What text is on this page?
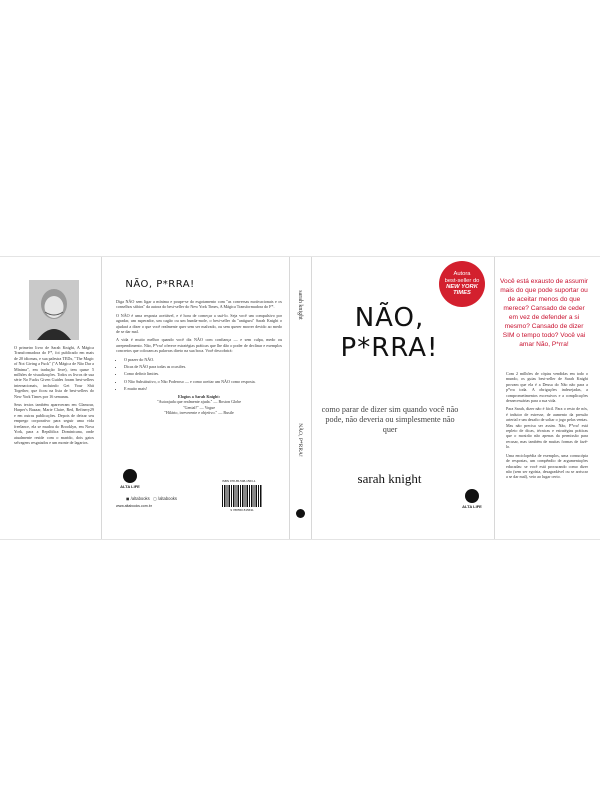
O primeiro livro de Sarah Knight, A Mágica Transformadora do F*, foi publicado em mais de 20 idiomas, e sua palestra TEDx, "The Magic of Not Giving a Fuck" ("A Mágica de Não Dar a Mínima", em tradução livre), tem quase 5 milhões de visualizações. Todos os livros de sua série No Fucks Given Guides foram best-sellers internacionais, incluindo Get Your Shit Together, que ficou na lista de best-sellers do New York Times por 16 semanas.

Seus textos também apareceram em Glamour, Harper's Bazaar, Marie Claire, Red, Refinery29 e em outras publicações. Depois de deixar seu emprego corporativo para seguir uma vida freelance, ela se mudou do Brooklyn, em Nova York, para a República Dominicana, onde atualmente reside com o marido, dois gatos selvagens resgatados e um monte de lagartos.

NÃO, P*RRA!

Diga NÃO sem ligar a mínima e poupe-se do esgotamento com "as conversas motivacionais e os conselhos sábios" da autora do best-seller do New York Times, A Mágica Transformadora do F*.

O NÃO é uma resposta aceitável, e é hora de começar a usá-lo. Seja você um compulsivo por agradar, um superador, um cagão ou um bunda-mole, o best-seller da "antiguru" Sarah Knight o ajudará a dizer o que você realmente quer sem ser malvado, ou sem querer morrer devido ao medo de se dar mal.

A vida é muito melhor quando você diz NÃO com confiança — e sem culpa, medo ou arrependimento. Não, P*rra! oferece estratégias práticas que lhe dão o poder de declinar e exemplos concretos que colocam as palavras direto na sua boca. Você descobrirá:

• O prazer do NÃO.
• Dicas de NÃO para todas as ocasiões.
• Como definir limites.
• O Não Substitutivo, o Não Poderoso — e como aceitar um NÃO como resposta.
• E muito mais!
Elogios a Sarah Knight:
"Autoajuda que realmente ajuda." — Boston Globe
"Genial!" — Vogue
"Hilário, irreverente e objetivo." — Bustle
ALTA LIFE
◼ /altabooks ◻ /altabooks
www.altabooks.com.br
ISBN 978-85-508-1563-1
9 788550 815631
sarah knight
NÃO, P*RRA!
Autora
best-seller do
NEW YORK
TIMES
NÃO,
P*RRA!
como parar de dizer sim quando você não pode, não deveria ou simplesmente não quer
sarah knight
ALTA LIFE
Você está exausto de assumir mais do que pode suportar ou de aceitar menos do que merece? Cansado de ceder em vez de defender a si mesmo? Cansado de dizer SIM o tempo todo? Você vai amar Não, P*rra!

Com 2 milhões de cópias vendidas em todo o mundo, os guias best-seller de Sarah Knight provam que ela é a Deusa do Não não para a p*rra toda. A obrigações indesejadas, a comprometimentos excessivos e a complicações desnecessárias para a sua vida.

Para Sarah, dizer não é fácil. Para o resto de nós, é indutor de estresse, de aumento da pressão arterial e um desafio de soltar o jogo pelas ventas. Mas não precisa ser assim. Não, P*rra! está repleto de dicas, técnicas e estratégias práticas que o mostrão não apenas da permissão para recusar, mas também de muitas formas de fazê-lo.

Uma enciclopédia de exemplos, uma cornucópia de respostas, um compêndio de argumentações educadas: se você está procurando como dizer não (sem ser egoísta, desagradável ou se arriscar a se dar mal), veio ao lugar certo.
